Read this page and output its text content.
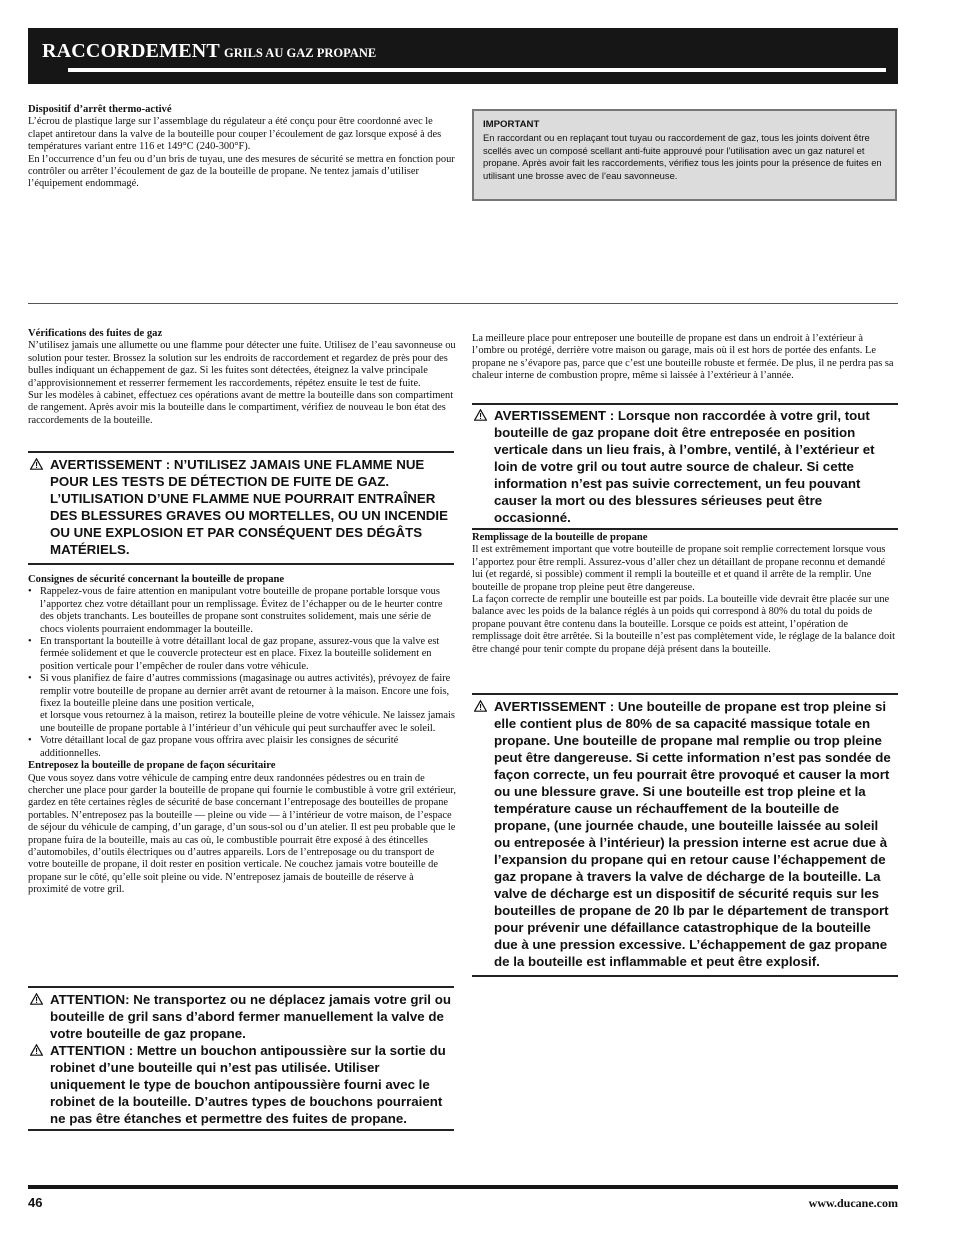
RACCORDEMENT GRILS AU GAZ PROPANE
Dispositif d’arrêt thermo-activé

L’écrou de plastique large sur l’assemblage du régulateur a été conçu pour être coordonné avec le clapet antiretour dans la valve de la bouteille pour couper l’écoulement de gaz lorsque exposé à des températures variant entre 116 et 149°C (240-300°F).

En l’occurrence d’un feu ou d’un bris de tuyau, une des mesures de sécurité se mettra en fonction pour contrôler ou arrêter l’écoulement de gaz de la bouteille de propane. Ne tentez jamais d’utiliser l’équipement endommagé.

IMPORTANT
En raccordant ou en replaçant tout tuyau ou raccordement de gaz, tous les joints doivent être scellés avec un composé scellant anti-fuite approuvé pour l’utilisation avec un gaz naturel et propane. Après avoir fait les raccordements, vérifiez tous les joints pour la présence de fuites en utilisant une brosse avec de l’eau savonneuse.
Vérifications des fuites de gaz

N’utilisez jamais une allumette ou une flamme pour détecter une fuite. Utilisez de l’eau savonneuse ou solution pour tester. Brossez la solution sur les endroits de raccordement et regardez de près pour des bulles indiquant un échappement de gaz. Si les fuites sont détectées, éteignez la valve principale d’approvisionnement et resserrer fermement les raccordements, répétez ensuite le test de fuite.

Sur les modèles à cabinet, effectuez ces opérations avant de mettre la bouteille dans son compartiment de rangement. Après avoir mis la bouteille dans le compartiment, vérifiez de nouveau le bon état des raccordements de la bouteille.

AVERTISSEMENT : N’UTILISEZ JAMAIS UNE FLAMME NUE POUR LES TESTS DE DÉTECTION DE FUITE DE GAZ. L’UTILISATION D’UNE FLAMME NUE POURRAIT ENTRAÎNER DES BLESSURES GRAVES OU MORTELLES, OU UN INCENDIE OU UNE EXPLOSION ET PAR CONSÉQUENT DES DÉGÂTS MATÉRIELS.
Consignes de sécurité concernant la bouteille de propane
• Rappelez-vous de faire attention en manipulant votre bouteille de propane portable lorsque vous l’apportez chez votre détaillant pour un remplissage. Évitez de l’échapper ou de le heurter contre des objets tranchants. Les bouteilles de propane sont construites solidement, mais une série de chocs violents pourraient endommager la bouteille.
• En transportant la bouteille à votre détaillant local de gaz propane, assurez-vous que la valve est fermée solidement et que le couvercle protecteur est en place. Fixez la bouteille solidement en position verticale pour l’empêcher de rouler dans votre véhicule.
• Si vous planifiez de faire d’autres commissions (magasinage ou autres activités), prévoyez de faire remplir votre bouteille de propane au dernier arrêt avant de retourner à la maison. Encore une fois, fixez la bouteille pleine dans une position verticale,
et lorsque vous retournez à la maison, retirez la bouteille pleine de votre véhicule. Ne laissez jamais une bouteille de propane portable à l’intérieur d’un véhicule qui peut surchauffer avec le soleil.
• Votre détaillant local de gaz propane vous offrira avec plaisir les consignes de sécurité additionnelles.
Entreposez la bouteille de propane de façon sécuritaire

Que vous soyez dans votre véhicule de camping entre deux randonnées pédestres ou en train de chercher une place pour garder la bouteille de propane qui fournie le combustible à votre gril extérieur, gardez en tête certaines règles de sécurité de base concernant l’entreposage des bouteilles de propane portables. N’entreposez pas la bouteille — pleine ou vide — à l’intérieur de votre maison, de l’espace de séjour du véhicule de camping, d’un garage, d’un sous-sol ou d’un atelier. Il est peu probable que le propane fuira de la bouteille, mais au cas où, le combustible pourrait être exposé à des étincelles d’automobiles, d’outils électriques ou d’autres appareils. Lors de l’entreposage ou du transport de votre bouteille de propane, il doit rester en position verticale. Ne couchez jamais votre bouteille de propane sur le côté, qu’elle soit pleine ou vide. N’entreposez jamais de bouteille de réserve à proximité de votre gril.

ATTENTION: Ne transportez ou ne déplacez jamais votre gril ou bouteille de gril sans d’abord fermer manuellement la valve de votre bouteille de gaz propane.
ATTENTION : Mettre un bouchon antipoussière sur la sortie du robinet d’une bouteille qui n’est pas utilisée. Utiliser uniquement le type de bouchon antipoussière fourni avec le robinet de la bouteille. D’autres types de bouchons pourraient ne pas être étanches et permettre des fuites de propane.

La meilleure place pour entreposer une bouteille de propane est dans un endroit à l’extérieur à l’ombre ou protégé, derrière votre maison ou garage, mais où il est hors de portée des enfants. Le propane ne s’évapore pas, parce que c’est une bouteille robuste et fermée. De plus, il ne perdra pas sa chaleur interne de combustion propre, même si laissée à l’extérieur à l’année.

AVERTISSEMENT : Lorsque non raccordée à votre gril, tout bouteille de gaz propane doit être entreposée en position verticale dans un lieu frais, à l’ombre, ventilé, à l’extérieur et loin de votre gril ou tout autre source de chaleur. Si cette information n’est pas suivie correctement, un feu pouvant causer la mort ou des blessures sérieuses peut être occasionné.
Remplissage de la bouteille de propane

Il est extrêmement important que votre bouteille de propane soit remplie correctement lorsque vous l’apportez pour être rempli. Assurez-vous d’aller chez un détaillant de propane reconnu et demandé lui (et regardé, si possible) comment il rempli la bouteille et et quand il arrête de la remplir. Une bouteille de propane trop pleine peut être dangereuse.

La façon correcte de remplir une bouteille est par poids. La bouteille vide devrait être placée sur une balance avec les poids de la balance réglés à un poids qui correspond à 80% du total du poids de propane pouvant être contenu dans la bouteille. Lorsque ce poids est atteint, l’opération de remplissage doit être arrêtée. Si la bouteille n’est pas complètement vide, le réglage de la balance doit être changé pour tenir compte du propane déjà présent dans la bouteille.

AVERTISSEMENT : Une bouteille de propane est trop pleine si elle contient plus de 80% de sa capacité massique totale en propane. Une bouteille de propane mal remplie ou trop pleine peut être dangereuse. Si cette information n’est pas sondée de façon correcte, un feu pourrait être provoqué et causer la mort ou une blessure grave. Si une bouteille est trop pleine et la température cause un réchauffement de la bouteille de propane, (une journée chaude, une bouteille laissée au soleil ou entreposée à l’intérieur) la pression interne est acrue due à l’expansion du propane qui en retour cause l’échappement de gaz propane à travers la valve de décharge de la bouteille. La valve de décharge est un dispositif de sécurité requis sur les bouteilles de propane de 20 lb par le département de transport pour prévenir une défaillance catastrophique de la bouteille due à une pression excessive. L’échappement de gaz propane de la bouteille est inflammable et peut être explosif.
46	www.ducane.com
